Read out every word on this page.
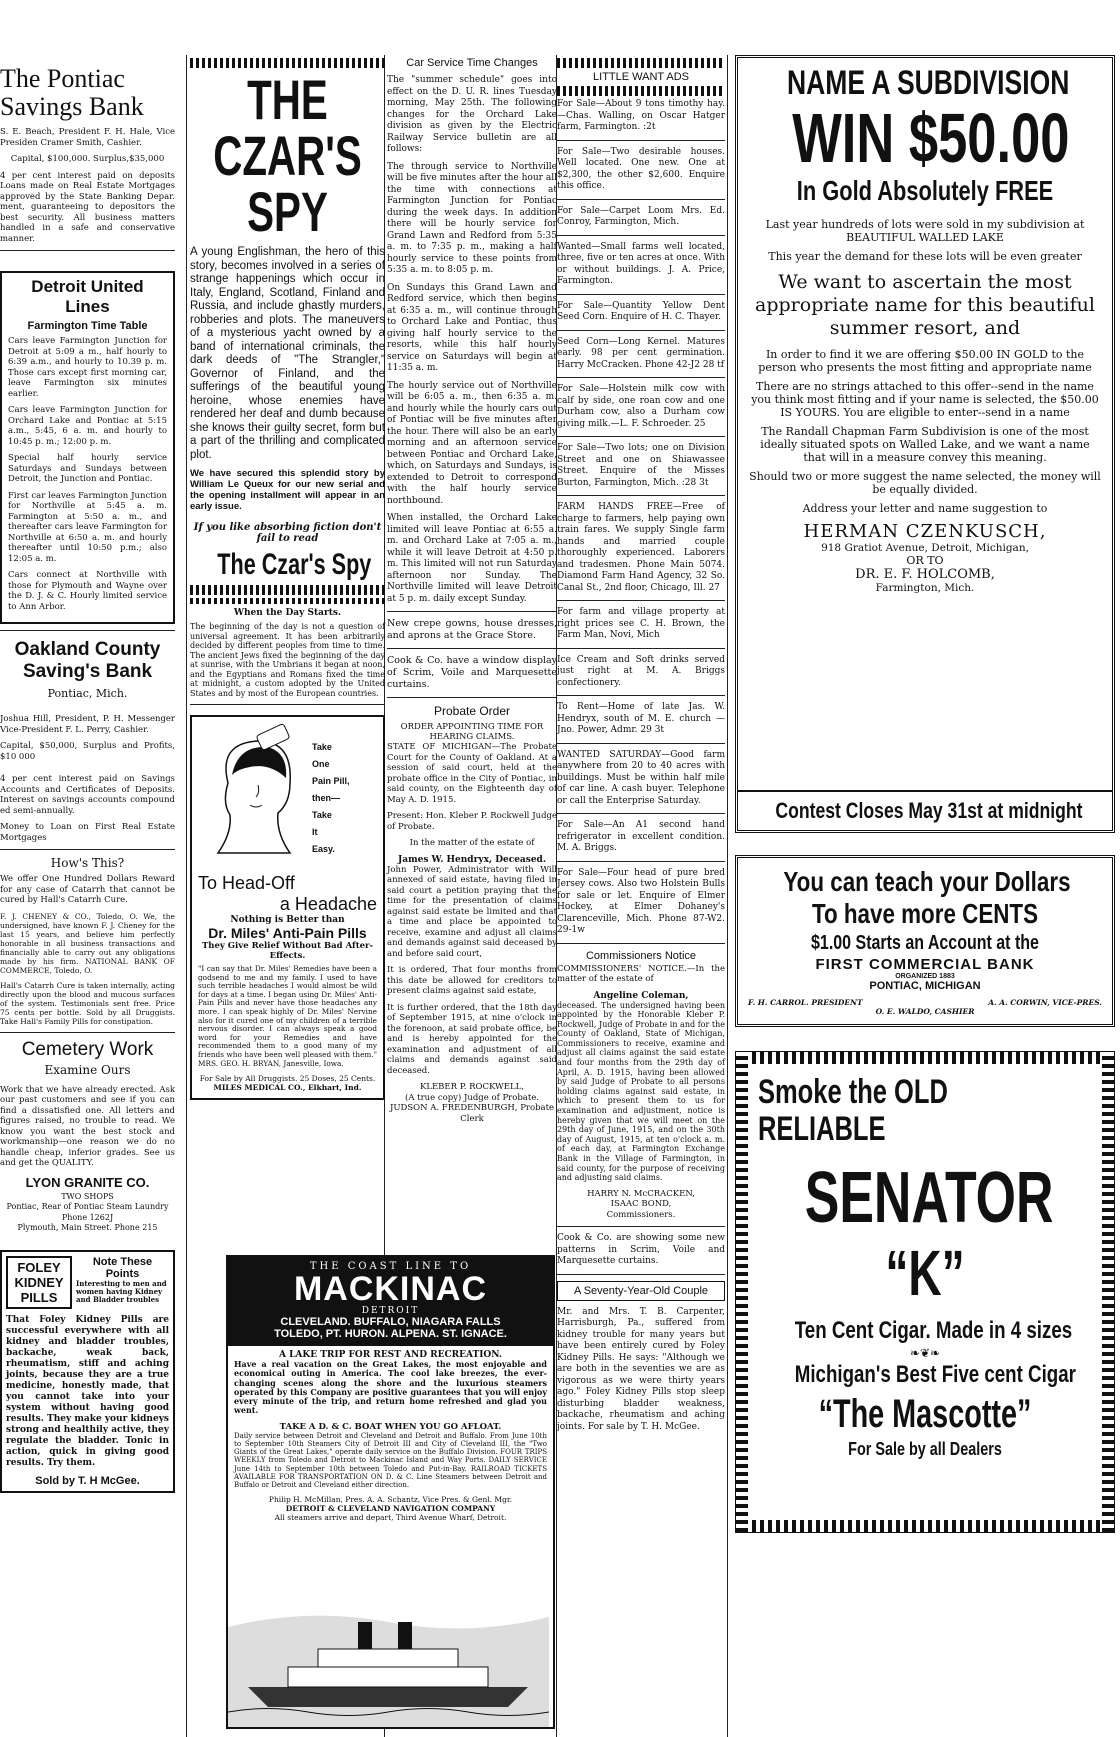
The Pontiac Savings Bank

S. E. Beach, President F. H. Hale, Vice Presiden Cramer Smith, Cashier.

Capital, $100,000. Surplus,$35,000

4 per cent interest paid on deposits Loans made on Real Estate Mortgages approved by the State Banking Depar. ment, guaranteeing to depositors the best security. All business matters handled in a safe and conservative manner.

Detroit United Lines
Farmington Time Table

Cars leave Farmington Junction for Detroit at 5:09 a m., half hourly to 6:39 a.m., and hourly to 10.39 p. m. Those cars except first morning car, leave Farmington six minutes earlier.

Cars leave Farmington Junction for Orchard Lake and Pontiac at 5:15 a.m., 5:45, 6 a. m. and hourly to 10:45 p. m.; 12:00 p. m.

Special half hourly service Saturdays and Sundays between Detroit, the Junction and Pontiac.

First car leaves Farmington Junction for Northville at 5:45 a. m. Farmington at 5:50 a. m., and thereafter cars leave Farmington for Northville at 6:50 a. m. and hourly thereafter until 10:50 p.m.; also 12:05 a. m.

Cars connect at Northville with those for Plymouth and Wayne over the D. J. & C. Hourly limited service to Ann Arbor.

Oakland County Saving's Bank
Pontiac, Mich.

Joshua Hill, President, P. H. Messenger Vice-President F. L. Perry, Cashier.

Capital, $50,000, Surplus and Profits, $10 000

4 per cent interest paid on Savings Accounts and Certificates of Deposits. Interest on savings accounts compound ed semi-annually.

Money to Loan on First Real Estate Mortgages

How's This?

We offer One Hundred Dollars Reward for any case of Catarrh that cannot be cured by Hall's Catarrh Cure.

F. J. CHENEY & CO., Toledo, O. We, the undersigned, have known F. J. Cheney for the last 15 years, and believe him perfectly honorable in all business transactions and financially able to carry out any obligations made by his firm. NATIONAL BANK OF COMMERCE, Toledo, O.

Hall's Catarrh Cure is taken internally, acting directly upon the blood and mucous surfaces of the system. Testimonials sent free. Price 75 cents per bottle. Sold by all Druggists. Take Hall's Family Pills for constipation.

Cemetery Work
Examine Ours

Work that we have already erected. Ask our past customers and see if you can find a dissatisfied one. All letters and figures raised, no trouble to read. We know you want the best stock and workmanship—one reason we do no handle cheap, inferior grades. See us and get the QUALITY.

LYON GRANITE CO.
TWO SHOPS
Pontiac, Rear of Pontiac Steam Laundry Phone 1262J
Plymouth, Main Street. Phone 215
FOLEY KIDNEY PILLS
Note These Points
Interesting to men and women having Kidney and Bladder troubles

That Foley Kidney Pills are successful everywhere with all kidney and bladder troubles, backache, weak back, rheumatism, stiff and aching joints, because they are a true medicine, honestly made, that you cannot take into your system without having good results. They make your kidneys strong and healthily active, they regulate the bladder. Tonic in action, quick in giving good results. Try them.

Sold by T. H McGee.
THE CZAR'S SPY

A young Englishman, the hero of this story, becomes involved in a series of strange happenings which occur in Italy, England, Scotland, Finland and Russia, and include ghastly murders, robberies and plots. The maneuvers of a mysterious yacht owned by a band of international criminals, the dark deeds of "The Strangler," Governor of Finland, and the sufferings of the beautiful young heroine, whose enemies have rendered her deaf and dumb because she knows their guilty secret, form but a part of the thrilling and complicated plot.

We have secured this splendid story by William Le Queux for our new serial and the opening installment will appear in an early issue.

If you like absorbing fiction don't fail to read
The Czar's Spy
When the Day Starts.

The beginning of the day is not a question of universal agreement. It has been arbitrarily decided by different peoples from time to time. The ancient Jews fixed the beginning of the day at sunrise, with the Umbrians it began at noon, and the Egyptians and Romans fixed the time at midnight, a custom adopted by the United States and by most of the European countries.

Take
One
Pain Pill,
then—
Take
It
Easy.
To Head-Off
a Headache
Nothing is Better than
Dr. Miles' Anti-Pain Pills
They Give Relief Without Bad After-Effects.

"I can say that Dr. Miles' Remedies have been a godsend to me and my family. I used to have such terrible headaches I would almost be wild for days at a time. I began using Dr. Miles' Anti-Pain Pills and never have those headaches any more. I can speak highly of Dr. Miles' Nervine also for it cured one of my children of a terrible nervous disorder. I can always speak a good word for your Remedies and have recommended them to a good many of my friends who have been well pleased with them." MRS. GEO. H. BRYAN, Janesville, Iowa.

For Sale by All Druggists. 25 Doses, 25 Cents.
MILES MEDICAL CO., Elkhart, Ind.
Car Service Time Changes

The "summer schedule" goes into effect on the D. U. R. lines Tuesday morning, May 25th. The following changes for the Orchard Lake division as given by the Electric Railway Service bulletin are all follows:

The through service to Northville will be five minutes after the hour all the time with connections at Farmington Junction for Pontiac during the week days. In addition there will be hourly service for Grand Lawn and Redford from 5:35 a. m. to 7:35 p. m., making a half hourly service to these points from 5:35 a. m. to 8:05 p. m.

On Sundays this Grand Lawn and Redford service, which then begins at 6:35 a. m., will continue through to Orchard Lake and Pontiac, thus giving half hourly service to the resorts, while this half hourly service on Saturdays will begin at 11:35 a. m.

The hourly service out of Northville will be 6:05 a. m., then 6:35 a. m. and hourly while the hourly cars out of Pontiac will be five minutes after the hour. There will also be an early morning and an afternoon service between Pontiac and Orchard Lake, which, on Saturdays and Sundays, is extended to Detroit to correspond with the half hourly service northbound.

When installed, the Orchard Lake limited will leave Pontiac at 6:55 a. m. and Orchard Lake at 7:05 a. m., while it will leave Detroit at 4:50 p. m. This limited will not run Saturday afternoon nor Sunday. The Northville limited will leave Detroit at 5 p. m. daily except Sunday.

New crepe gowns, house dresses, and aprons at the Grace Store.

Cook & Co. have a window display of Scrim, Voile and Marquesette curtains.

Probate Order
ORDER APPOINTING TIME FOR HEARING CLAIMS.

STATE OF MICHIGAN—The Probate Court for the County of Oakland. At a session of said court, held at the probate office in the City of Pontiac, in said county, on the Eighteenth day of May A. D. 1915.

Present: Hon. Kleber P. Rockwell Judge of Probate.

In the matter of the estate of

James W. Hendryx, Deceased.

John Power, Administrator with Will annexed of said estate, having filed in said court a petition praying that the time for the presentation of claims against said estate be limited and that a time and place be appointed to receive, examine and adjust all claims and demands against said deceased by and before said court,

It is ordered, That four months from this date be allowed for creditors to present claims against said estate,

It is further ordered, that the 18th day of September 1915, at nine o'clock in the forenoon, at said probate office, be and is hereby appointed for the examination and adjustment of all claims and demands against said deceased.

KLEBER P. ROCKWELL,
(A true copy) Judge of Probate.
JUDSON A. FREDENBURGH, Probate Clerk
LITTLE WANT ADS

For Sale—About 9 tons timothy hay.—Chas. Walling, on Oscar Hatger farm, Farmington. :2t

For Sale—Two desirable houses. Well located. One new. One at $2,300, the other $2,600. Enquire this office.

For Sale—Carpet Loom Mrs. Ed. Conroy, Farmington, Mich.

Wanted—Small farms well located, three, five or ten acres at once. With or without buildings. J. A. Price, Farmington.

For Sale—Quantity Yellow Dent Seed Corn. Enquire of H. C. Thayer.

Seed Corn—Long Kernel. Matures early. 98 per cent germination. Harry McCracken. Phone 42-J2 28 tf

For Sale—Holstein milk cow with calf by side, one roan cow and one Durham cow, also a Durham cow giving milk.—L. F. Schroeder. 25

For Sale—Two lots; one on Division Street and one on Shiawassee Street. Enquire of the Misses Burton, Farmington, Mich. :28 3t

FARM HANDS FREE—Free of charge to farmers, help paying own train fares. We supply Single farm hands and married couple thoroughly experienced. Laborers and tradesmen. Phone Main 5074. Diamond Farm Hand Agency, 32 So. Canal St., 2nd floor, Chicago, Ill. 27

For farm and village property at right prices see C. H. Brown, the Farm Man, Novi, Mich

Ice Cream and Soft drinks served just right at M. A. Briggs confectionery.

To Rent—Home of late Jas. W. Hendryx, south of M. E. church —Jno. Power, Admr. 29 3t

WANTED SATURDAY—Good farm anywhere from 20 to 40 acres with buildings. Must be within half mile of car line. A cash buyer. Telephone or call the Enterprise Saturday.

For Sale—An A1 second hand refrigerator in excellent condition. M. A. Briggs.

For Sale—Four head of pure bred Jersey cows. Also two Holstein Bulls for sale or let. Enquire of Elmer Hockey, at Elmer Dohaney's Clarenceville, Mich. Phone 87-W2. 29-1w

Commissioners Notice

COMMISSIONERS' NOTICE.—In the matter of the estate of

Angeline Coleman,

deceased. The undersigned having been appointed by the Honorable Kleber P. Rockwell, Judge of Probate in and for the County of Oakland, State of Michigan, Commissioners to receive, examine and adjust all claims against the said estate and four months from the 29th day of April, A. D. 1915, having been allowed by said Judge of Probate to all persons holding claims against said estate, in which to present them to us for examination and adjustment, notice is hereby given that we will meet on the 29th day of June, 1915, and on the 30th day of August, 1915, at ten o'clock a. m. of each day, at Farmington Exchange Bank in the Village of Farmington, in said county, for the purpose of receiving and adjusting said claims.

HARRY N. McCRACKEN,
ISAAC BOND,
Commissioners.

Cook & Co. are showing some new patterns in Scrim, Voile and Marquesette curtains.

A Seventy-Year-Old Couple

Mr. and Mrs. T. B. Carpenter, Harrisburgh, Pa., suffered from kidney trouble for many years but have been entirely cured by Foley Kidney Pills. He says: "Although we are both in the seventies we are as vigorous as we were thirty years ago." Foley Kidney Pills stop sleep disturbing bladder weakness, backache, rheumatism and aching joints. For sale by T. H. McGee.

THE COAST LINE TO
MACKINAC
DETROIT
CLEVELAND. BUFFALO, NIAGARA FALLS
TOLEDO, PT. HURON. ALPENA. ST. IGNACE.
A LAKE TRIP FOR REST AND RECREATION.

Have a real vacation on the Great Lakes, the most enjoyable and economical outing in America. The cool lake breezes, the ever-changing scenes along the shore and the luxurious steamers operated by this Company are positive guarantees that you will enjoy every minute of the trip, and return home refreshed and glad you went.

TAKE A D. & C. BOAT WHEN YOU GO AFLOAT.

Daily service between Detroit and Cleveland and Detroit and Buffalo. From June 10th to September 10th Steamers City of Detroit III and City of Cleveland III, the "Two Giants of the Great Lakes," operate daily service on the Buffalo Division. FOUR TRIPS WEEKLY from Toledo and Detroit to Mackinac Island and Way Ports. DAILY SERVICE June 14th to September 10th between Toledo and Put-in-Bay. RAILROAD TICKETS AVAILABLE FOR TRANSPORTATION ON D. & C. Line Steamers between Detroit and Buffalo or Detroit and Cleveland either direction.

Philip H. McMillan, Pres. A. A. Schantz, Vice Pres. & Genl. Mgr.
DETROIT & CLEVELAND NAVIGATION COMPANY
All steamers arrive and depart, Third Avenue Wharf, Detroit.
NAME A SUBDIVISION
WIN $50.00
In Gold Absolutely FREE

Last year hundreds of lots were sold in my subdivision at BEAUTIFUL WALLED LAKE

This year the demand for these lots will be even greater

We want to ascertain the most appropriate name for this beautiful summer resort, and

In order to find it we are offering $50.00 IN GOLD to the person who presents the most fitting and appropriate name

There are no strings attached to this offer--send in the name you think most fitting and if your name is selected, the $50.00 IS YOURS. You are eligible to enter--send in a name

The Randall Chapman Farm Subdivision is one of the most ideally situated spots on Walled Lake, and we want a name that will in a measure convey this meaning.

Should two or more suggest the name selected, the money will be equally divided.

Address your letter and name suggestion to

HERMAN CZENKUSCH,
918 Gratiot Avenue, Detroit, Michigan,
OR TO
DR. E. F. HOLCOMB,
Farmington, Mich.
Contest Closes May 31st at midnight
You can teach your Dollars
To have more CENTS
$1.00 Starts an Account at the
FIRST COMMERCIAL BANK
ORGANIZED 1883
PONTIAC, MICHIGAN
F. H. CARROL. PRESIDENT	A. A. CORWIN, VICE-PRES.
O. E. WALDO, CASHIER
Smoke the OLD
RELIABLE
SENATOR
“K”
Ten Cent Cigar. Made in 4 sizes
❧❦❧
Michigan's Best Five cent Cigar
“The Mascotte”
For Sale by all Dealers
